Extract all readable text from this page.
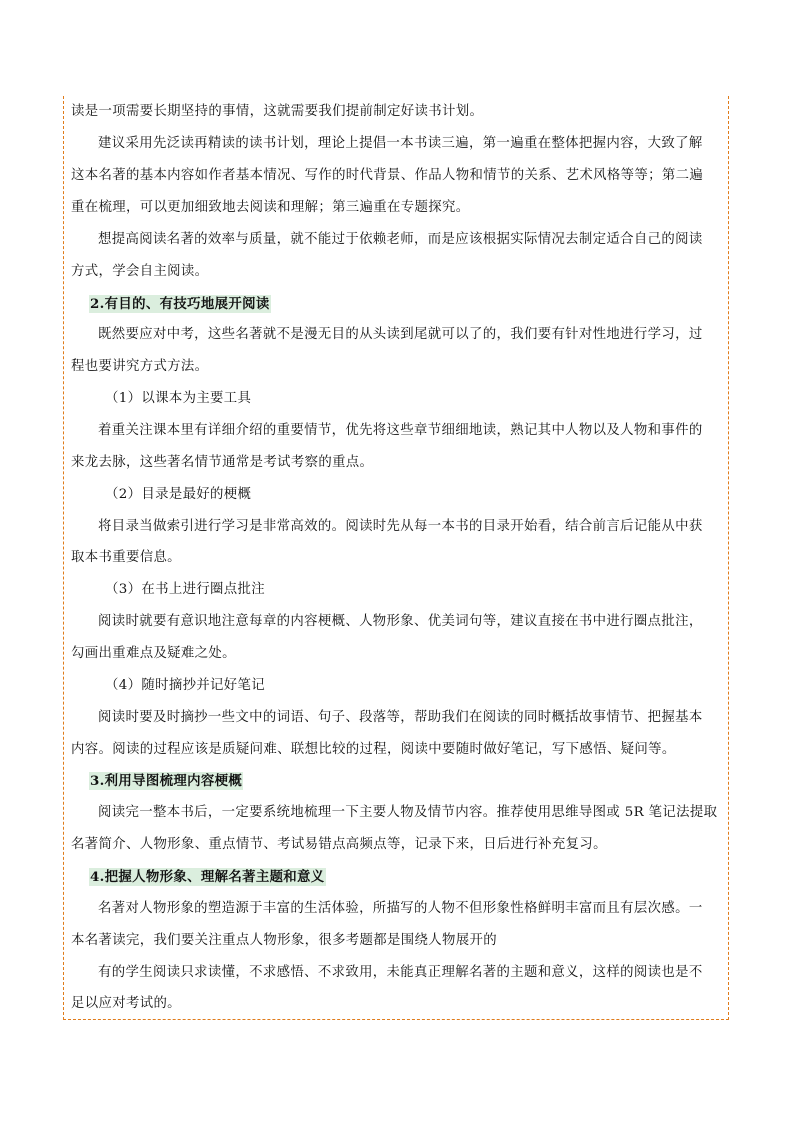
读是一项需要长期坚持的事情，这就需要我们提前制定好读书计划。
建议采用先泛读再精读的读书计划，理论上提倡一本书读三遍，第一遍重在整体把握内容，大致了解
这本名著的基本内容如作者基本情况、写作的时代背景、作品人物和情节的关系、艺术风格等等；第二遍
重在梳理，可以更加细致地去阅读和理解；第三遍重在专题探究。
想提高阅读名著的效率与质量，就不能过于依赖老师，而是应该根据实际情况去制定适合自己的阅读
方式，学会自主阅读。
2.有目的、有技巧地展开阅读
既然要应对中考，这些名著就不是漫无目的从头读到尾就可以了的，我们要有针对性地进行学习，过
程也要讲究方式方法。
（1）以课本为主要工具
着重关注课本里有详细介绍的重要情节，优先将这些章节细细地读，熟记其中人物以及人物和事件的
来龙去脉，这些著名情节通常是考试考察的重点。
（2）目录是最好的梗概
将目录当做索引进行学习是非常高效的。阅读时先从每一本书的目录开始看，结合前言后记能从中获
取本书重要信息。
（3）在书上进行圈点批注
阅读时就要有意识地注意每章的内容梗概、人物形象、优美词句等，建议直接在书中进行圈点批注，
勾画出重难点及疑难之处。
（4）随时摘抄并记好笔记
阅读时要及时摘抄一些文中的词语、句子、段落等，帮助我们在阅读的同时概括故事情节、把握基本
内容。阅读的过程应该是质疑问难、联想比较的过程，阅读中要随时做好笔记，写下感悟、疑问等。
3.利用导图梳理内容梗概
阅读完一整本书后，一定要系统地梳理一下主要人物及情节内容。推荐使用思维导图或 5R 笔记法提取
名著简介、人物形象、重点情节、考试易错点高频点等，记录下来，日后进行补充复习。
4.把握人物形象、理解名著主题和意义
名著对人物形象的塑造源于丰富的生活体验，所描写的人物不但形象性格鲜明丰富而且有层次感。一
本名著读完，我们要关注重点人物形象，很多考题都是围绕人物展开的
有的学生阅读只求读懂，不求感悟、不求致用，未能真正理解名著的主题和意义，这样的阅读也是不
足以应对考试的。
